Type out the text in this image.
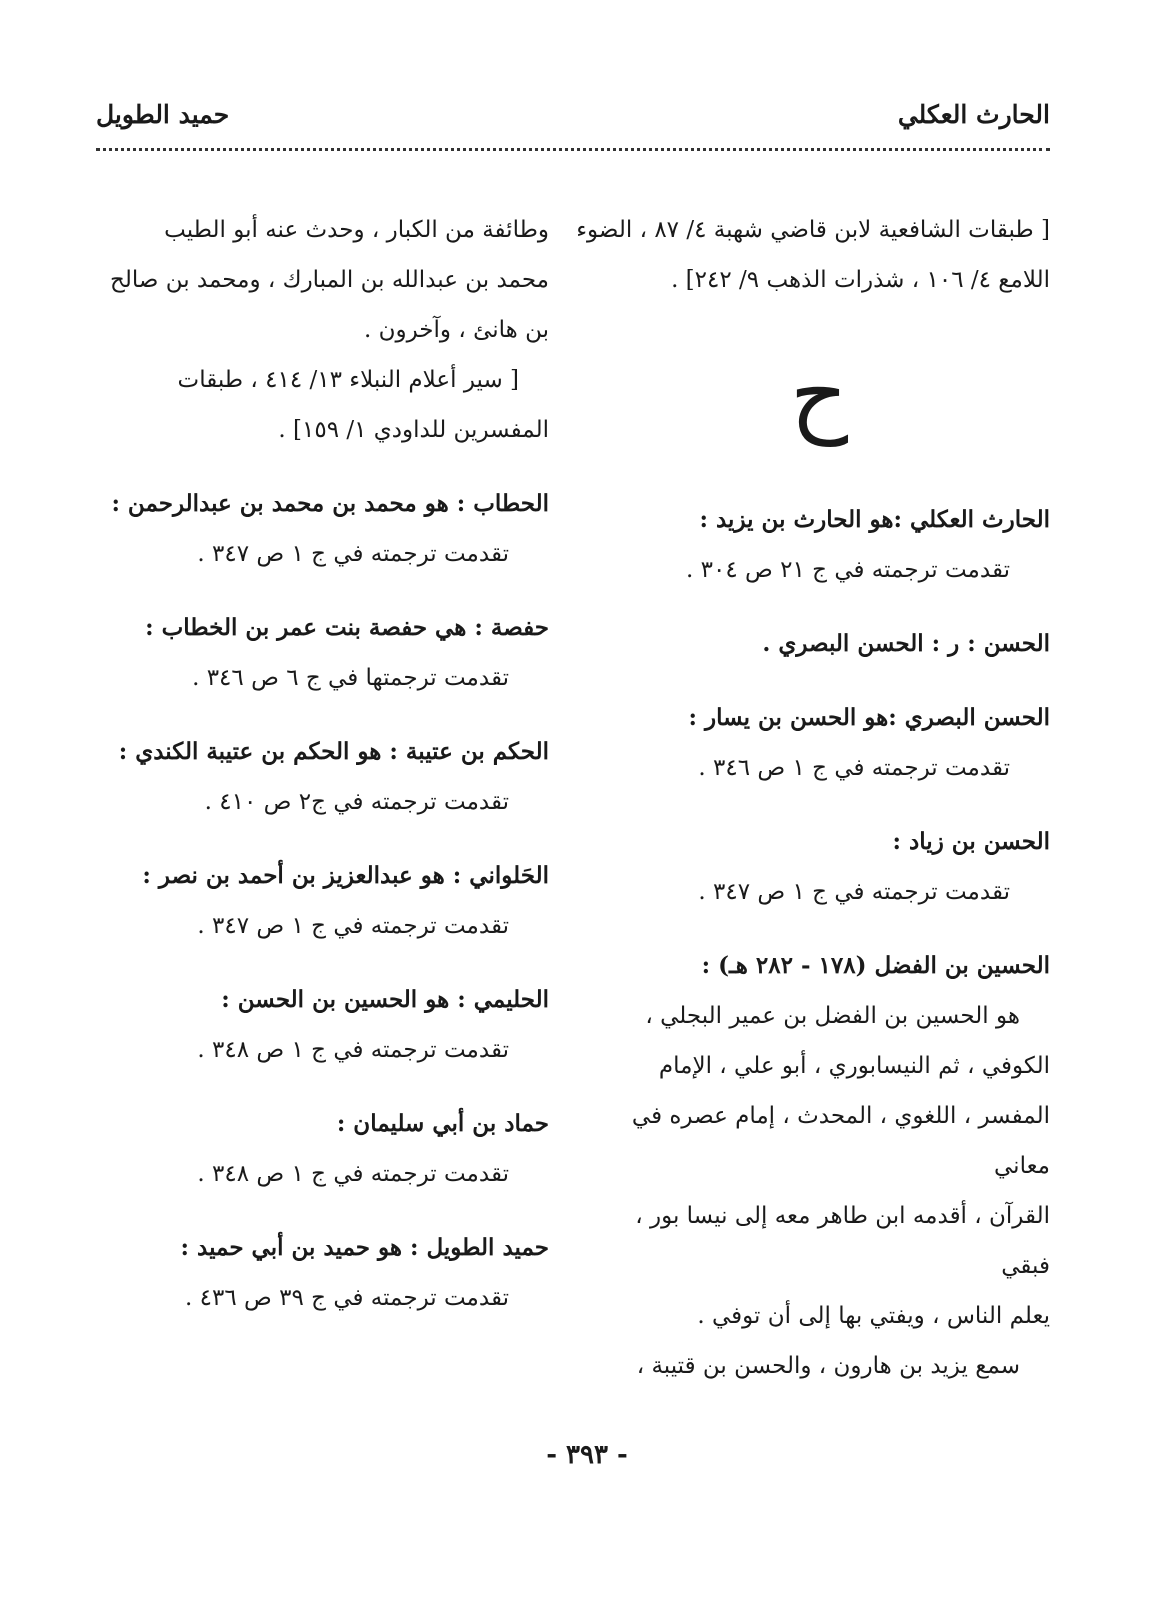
الحارث العكلي
حميد الطويل

[ طبقات الشافعية لابن قاضي شهبة ٤/ ٨٧ ، الضوء

اللامع ٤/ ١٠٦ ، شذرات الذهب ٩/ ٢٤٢] .

ح

الحارث العكلي :هو الحارث بن يزيد :

تقدمت ترجمته في ج ٢١ ص ٣٠٤ .

الحسن : ر : الحسن البصري .

الحسن البصري :هو الحسن بن يسار :

تقدمت ترجمته في ج ١ ص ٣٤٦ .

الحسن بن زياد :

تقدمت ترجمته في ج ١ ص ٣٤٧ .

الحسين بن الفضل (١٧٨ - ٢٨٢ هـ) :

هو الحسين بن الفضل بن عمير البجلي ،

الكوفي ، ثم النيسابوري ، أبو علي ، الإمام

المفسر ، اللغوي ، المحدث ، إمام عصره في معاني

القرآن ، أقدمه ابن طاهر معه إلى نيسا بور ، فبقي

يعلم الناس ، ويفتي بها إلى أن توفي .

سمع يزيد بن هارون ، والحسن بن قتيبة ،

وطائفة من الكبار ، وحدث عنه أبو الطيب

محمد بن عبدالله بن المبارك ، ومحمد بن صالح

بن هانئ ، وآخرون .

[ سير أعلام النبلاء ١٣/ ٤١٤ ، طبقات

المفسرين للداودي ١/ ١٥٩] .

الحطاب : هو محمد بن محمد بن عبدالرحمن :

تقدمت ترجمته في ج ١ ص ٣٤٧ .

حفصة : هي حفصة بنت عمر بن الخطاب :

تقدمت ترجمتها في ج ٦ ص ٣٤٦ .

الحكم بن عتيبة : هو الحكم بن عتيبة الكندي :

تقدمت ترجمته في ج٢ ص ٤١٠ .

الحَلواني : هو عبدالعزيز بن أحمد بن نصر :

تقدمت ترجمته في ج ١ ص ٣٤٧ .

الحليمي : هو الحسين بن الحسن :

تقدمت ترجمته في ج ١ ص ٣٤٨ .

حماد بن أبي سليمان :

تقدمت ترجمته في ج ١ ص ٣٤٨ .

حميد الطويل : هو حميد بن أبي حميد :

تقدمت ترجمته في ج ٣٩ ص ٤٣٦ .

- ٣٩٣ -
